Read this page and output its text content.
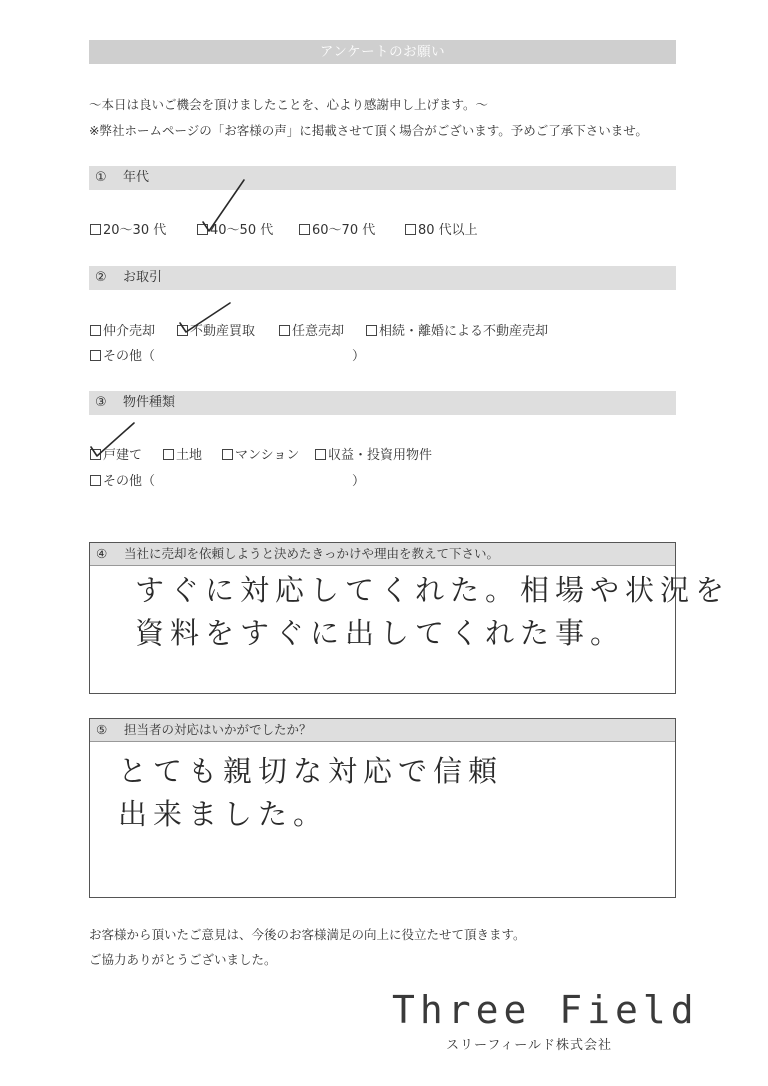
アンケートのお願い
～本日は良いご機会を頂けましたことを、心より感謝申し上げます。～
※弊社ホームページの「お客様の声」に掲載させて頂く場合がございます。予めご了承下さいませ。
① 年代
20～30 代	40～50 代	60～70 代	80 代以上
② お取引
仲介売却	不動産買取	任意売却	相続・離婚による不動産売却
その他（	）
③ 物件種類
戸建て	土地	マンション	収益・投資用物件
その他（	）
④ 当社に売却を依頼しようと決めたきっかけや理由を教えて下さい。
すぐに対応してくれた。相場や状況を
資料をすぐに出してくれた事。
⑤ 担当者の対応はいかがでしたか？
とても親切な対応で信頼
出来ました。
お客様から頂いたご意見は、今後のお客様満足の向上に役立たせて頂きます。
ご協力ありがとうございました。
Three Field
スリーフィールド株式会社
